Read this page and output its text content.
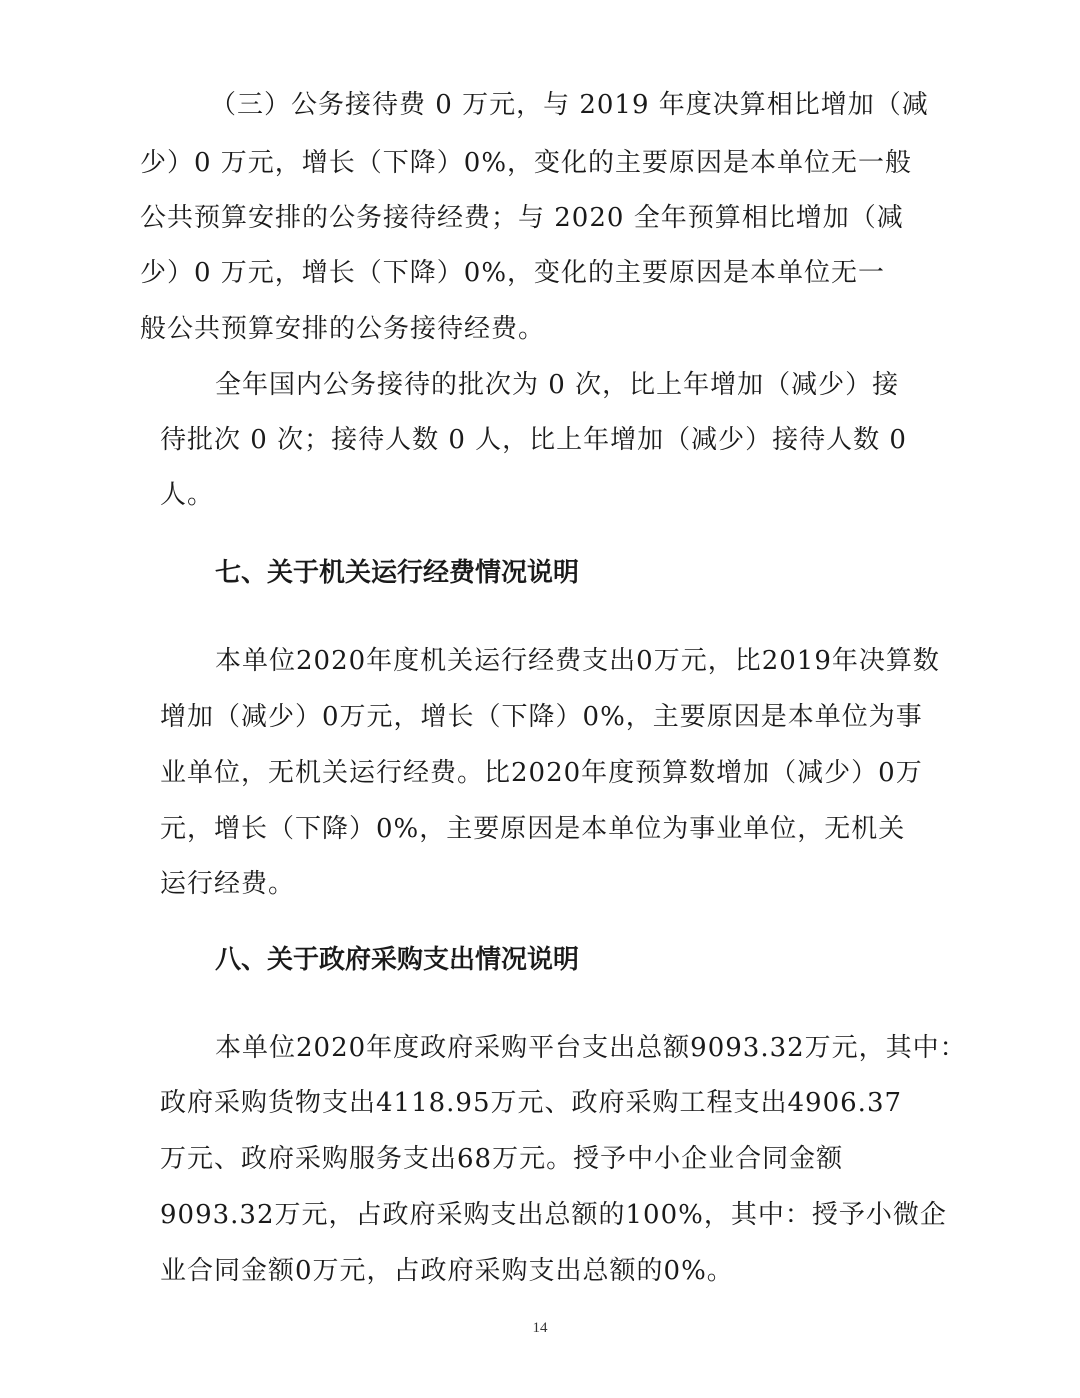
（三）公务接待费 0 万元，与 2019 年度决算相比增加（减
少）0 万元，增长（下降）0%，变化的主要原因是本单位无一般
公共预算安排的公务接待经费；与 2020 全年预算相比增加（减
少）0 万元，增长（下降）0%，变化的主要原因是本单位无一
般公共预算安排的公务接待经费。
全年国内公务接待的批次为 0 次，比上年增加（减少）接
待批次 0 次；接待人数 0 人，比上年增加（减少）接待人数 0
人。
七、关于机关运行经费情况说明
本单位2020年度机关运行经费支出0万元，比2019年决算数
增加（减少）0万元，增长（下降）0%，主要原因是本单位为事
业单位，无机关运行经费。比2020年度预算数增加（减少）0万
元，增长（下降）0%，主要原因是本单位为事业单位，无机关
运行经费。
八、关于政府采购支出情况说明
本单位2020年度政府采购平台支出总额9093.32万元，其中：
政府采购货物支出4118.95万元、政府采购工程支出4906.37
万元、政府采购服务支出68万元。授予中小企业合同金额
9093.32万元，占政府采购支出总额的100%，其中：授予小微企
业合同金额0万元，占政府采购支出总额的0%。
14
